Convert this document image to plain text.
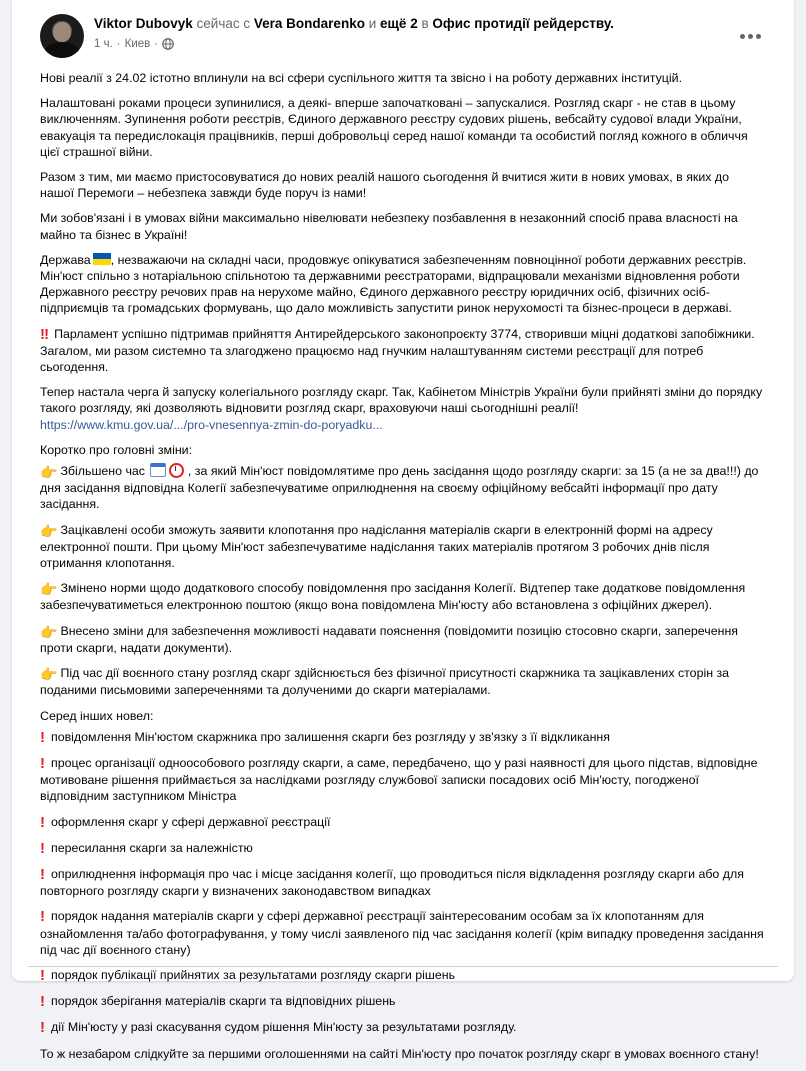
Viktor Dubovyk сейчас с Vera Bondarenko и ещё 2 в Офис протидії рейдерству.
1 ч. · Киев ·

Нові реалії з 24.02 істотно вплинули на всі сфери суспільного життя та звісно і на роботу державних інституцій.

Налаштовані роками процеси зупинилися, а деякі- вперше започатковані – запускалися. Розгляд скарг - не став в цьому виключенням. Зупинення роботи реєстрів, Єдиного державного реєстру судових рішень, вебсайту судової влади України, евакуація та передислокація працівників, перші добровольці серед нашої команди та особистий погляд кожного в обличчя цієї страшної війни.

Разом з тим, ми маємо пристосовуватися до нових реалій нашого сьогодення й вчитися жити в нових умовах, в яких до нашої Перемоги – небезпека завжди буде поруч із нами!

Ми зобов'язані і в умовах війни максимально нівелювати небезпеку позбавлення в незаконний спосіб права власності на майно та бізнес в Україні!

Держава , незважаючи на складні часи, продовжує опікуватися забезпеченням повноцінної роботи державних реєстрів.
Мін'юст спільно з нотаріальною спільнотою та державними реєстраторами, відпрацювали механізми відновлення роботи Державного реєстру речових прав на нерухоме майно, Єдиного державного реєстру юридичних осіб, фізичних осіб-підприємців та громадських формувань, що дало можливість запустити ринок нерухомості та бізнес-процеси в державі.

‼ Парламент успішно підтримав прийняття Антирейдерського законопроєкту 3774, створивши міцні додаткові запобіжники.
Загалом, ми разом системно та злагоджено працюємо над гнучким налаштуванням системи реєстрації для потреб сьогодення.

Тепер настала черга й запуску колегіального розгляду скарг. Так, Кабінетом Міністрів України були прийняті зміни до порядку такого розгляду, які дозволяють відновити розгляд скарг, враховуючи наші сьогоднішні реалії!
https://www.kmu.gov.ua/.../pro-vnesennya-zmin-do-poryadku...

Коротко про головні зміни:

👉 Збільшено час	, за який Мін'юст повідомлятиме про день засідання щодо розгляду скарги: за 15 (а не за два!!!) до дня засідання відповідна Колегії забезпечуватиме оприлюднення на своєму офіційному вебсайті інформації про дату засідання.

👉 Зацікавлені особи зможуть заявити клопотання про надіслання матеріалів скарги в електронній формі на адресу електронної пошти. При цьому Мін'юст забезпечуватиме надіслання таких матеріалів протягом 3 робочих днів після отримання клопотання.

👉 Змінено норми щодо додаткового способу повідомлення про засідання Колегії. Відтепер таке додаткове повідомлення забезпечуватиметься електронною поштою (якщо вона повідомлена Мін'юсту або встановлена з офіційних джерел).

👉 Внесено зміни для забезпечення можливості надавати пояснення (повідомити позицію стосовно скарги, заперечення проти скарги, надати документи).

👉 Під час дії воєнного стану розгляд скарг здійснюється без фізичної присутності скаржника та зацікавлених сторін за поданими письмовими запереченнями та долученими до скарги матеріалами.

Серед інших новел:

! повідомлення Мін'юстом скаржника про залишення скарги без розгляду у зв'язку з її відкликання

! процес організації одноособового розгляду скарги, а саме, передбачено, що у разі наявності для цього підстав, відповідне мотивоване рішення приймається за наслідками розгляду службової записки посадових осіб Мін'юсту, погодженої відповідним заступником Міністра

! оформлення скарг у сфері державної реєстрації

! пересилання скарги за належністю

! оприлюднення інформація про час і місце засідання колегії, що проводиться після відкладення розгляду скарги або для повторного розгляду скарги у визначених законодавством випадках

! порядок надання матеріалів скарги у сфері державної реєстрації заінтересованим особам за їх клопотанням для ознайомлення та/або фотографування, у тому числі заявленого під час засідання колегії (крім випадку проведення засідання під час дії воєнного стану)

! порядок публікації прийнятих за результатами розгляду скарги рішень

! порядок зберігання матеріалів скарги та відповідних рішень

! дії Мін'юсту у разі скасування судом рішення Мін'юсту за результатами розгляду.

То ж незабаром слідкуйте за першими оголошеннями на сайті Мін'юсту про початок розгляду скарг в умовах воєнного стану!
